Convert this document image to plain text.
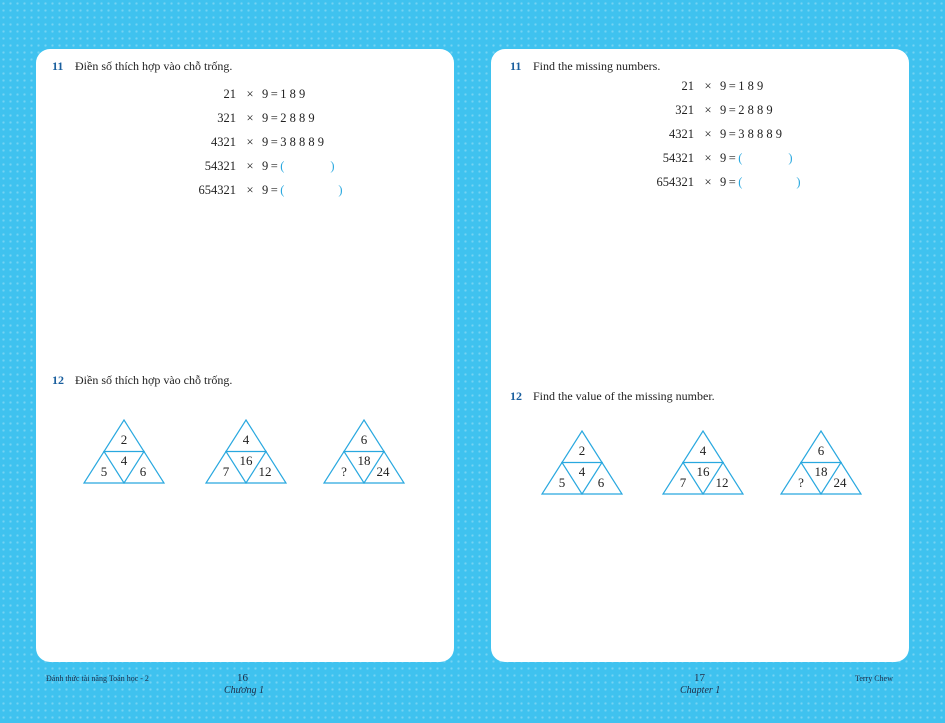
11 Điền số thích hợp vào chỗ trống.
21 × 9 = 1 8 9
321 × 9 = 2 8 8 9
4321 × 9 = 3 8 8 8 9
54321 × 9 = (	)
654321 × 9 = (	)
12 Điền số thích hợp vào chỗ trống.
2
4
5	6
4
16
7 12
6
18
? 24
11 Find the missing numbers.
21 × 9 = 1 8 9
321 × 9 = 2 8 8 9
4321 × 9 = 3 8 8 8 9
54321 × 9 = (	)
654321 × 9 = (	)
12 Find the value of the missing number.
2
4
5	6
4
16
7 12
6
18
? 24
Đánh thức tài năng Toán học - 2	16
Chương 1
17
Chapter 1
Terry Chew
